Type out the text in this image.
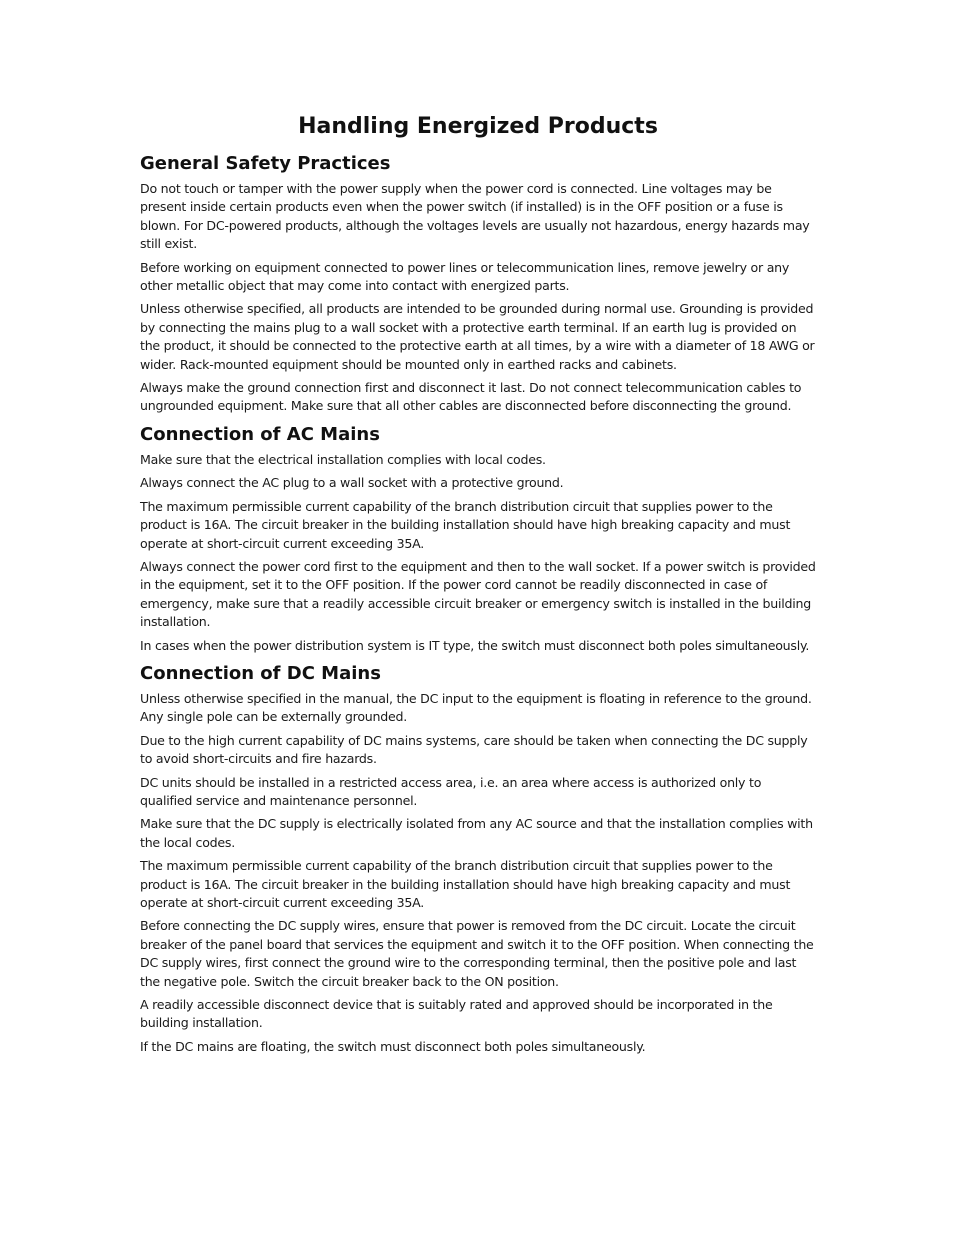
Handling Energized Products
General Safety Practices

Do not touch or tamper with the power supply when the power cord is connected. Line voltages may be present inside certain products even when the power switch (if installed) is in the OFF position or a fuse is blown. For DC-powered products, although the voltages levels are usually not hazardous, energy hazards may still exist.

Before working on equipment connected to power lines or telecommunication lines, remove jewelry or any other metallic object that may come into contact with energized parts.

Unless otherwise specified, all products are intended to be grounded during normal use. Grounding is provided by connecting the mains plug to a wall socket with a protective earth terminal. If an earth lug is provided on the product, it should be connected to the protective earth at all times, by a wire with a diameter of 18 AWG or wider. Rack-mounted equipment should be mounted only in earthed racks and cabinets.

Always make the ground connection first and disconnect it last. Do not connect telecommunication cables to ungrounded equipment. Make sure that all other cables are disconnected before disconnecting the ground.

Connection of AC Mains

Make sure that the electrical installation complies with local codes.

Always connect the AC plug to a wall socket with a protective ground.

The maximum permissible current capability of the branch distribution circuit that supplies power to the product is 16A. The circuit breaker in the building installation should have high breaking capacity and must operate at short-circuit current exceeding 35A.

Always connect the power cord first to the equipment and then to the wall socket. If a power switch is provided in the equipment, set it to the OFF position. If the power cord cannot be readily disconnected in case of emergency, make sure that a readily accessible circuit breaker or emergency switch is installed in the building installation.

In cases when the power distribution system is IT type, the switch must disconnect both poles simultaneously.

Connection of DC Mains

Unless otherwise specified in the manual, the DC input to the equipment is floating in reference to the ground. Any single pole can be externally grounded.

Due to the high current capability of DC mains systems, care should be taken when connecting the DC supply to avoid short-circuits and fire hazards.

DC units should be installed in a restricted access area, i.e. an area where access is authorized only to qualified service and maintenance personnel.

Make sure that the DC supply is electrically isolated from any AC source and that the installation complies with the local codes.

The maximum permissible current capability of the branch distribution circuit that supplies power to the product is 16A. The circuit breaker in the building installation should have high breaking capacity and must operate at short-circuit current exceeding 35A.

Before connecting the DC supply wires, ensure that power is removed from the DC circuit. Locate the circuit breaker of the panel board that services the equipment and switch it to the OFF position. When connecting the DC supply wires, first connect the ground wire to the corresponding terminal, then the positive pole and last the negative pole. Switch the circuit breaker back to the ON position.

A readily accessible disconnect device that is suitably rated and approved should be incorporated in the building installation.

If the DC mains are floating, the switch must disconnect both poles simultaneously.
